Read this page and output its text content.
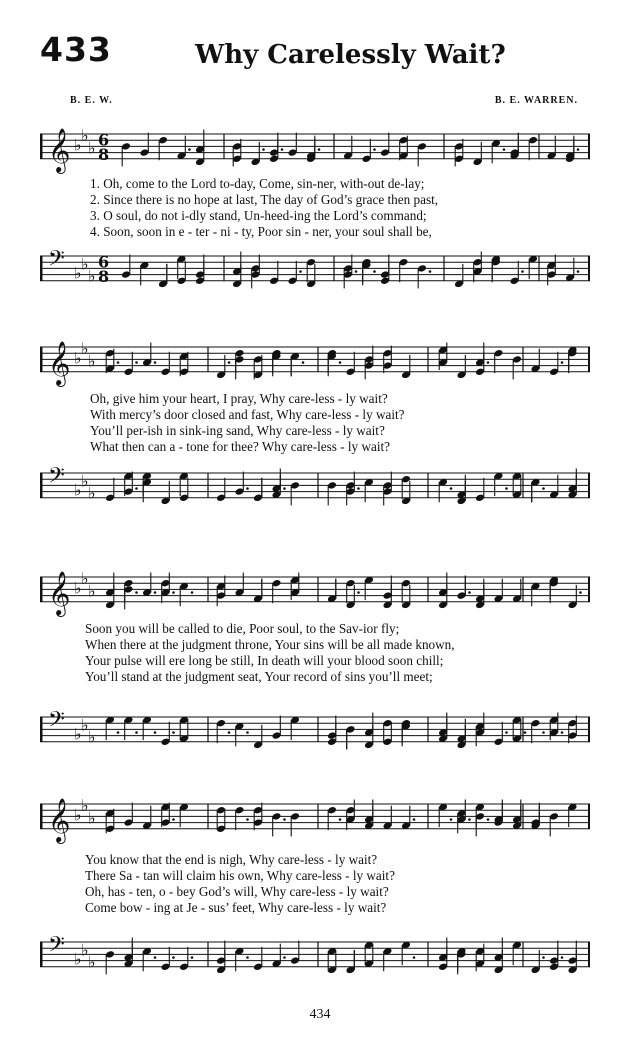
433	Why Carelessly Wait?
B. E. W.	B. E. WARREN.
𝄞 ♭ ♭
♭ 6
8
1. Oh, come to the Lord to-day, Come, sin-ner, with-out de-lay;
2. Since there is no hope at last, The day of God’s grace then past,
3. O soul, do not i-dly stand, Un-heed-ing the Lord’s command;
4. Soon, soon in e - ter - ni - ty, Poor sin - ner, your soul shall be,
𝄢 ♭ ♭
♭
6
8
𝄞 ♭ ♭
♭
Oh, give him your heart, I pray, Why care-less - ly wait?
With mercy’s door closed and fast, Why care-less - ly wait?
You’ll per-ish in sink-ing sand, Why care-less - ly wait?
What then can a - tone for thee? Why care-less - ly wait?
𝄢 ♭ ♭
♭
𝄞 ♭ ♭
♭
Soon you will be called to die, Poor soul, to the Sav-ior fly;
When there at the judgment throne, Your sins will be all made known,
Your pulse will ere long be still, In death will your blood soon chill;
You’ll stand at the judgment seat, Your record of sins you’ll meet;
𝄢 ♭ ♭
♭
𝄞 ♭ ♭
♭
You know that the end is nigh, Why care-less - ly wait?
There Sa - tan will claim his own, Why care-less - ly wait?
Oh, has - ten, o - bey God’s will, Why care-less - ly wait?
Come bow - ing at Je - sus’ feet, Why care-less - ly wait?
𝄢 ♭ ♭
♭
434
